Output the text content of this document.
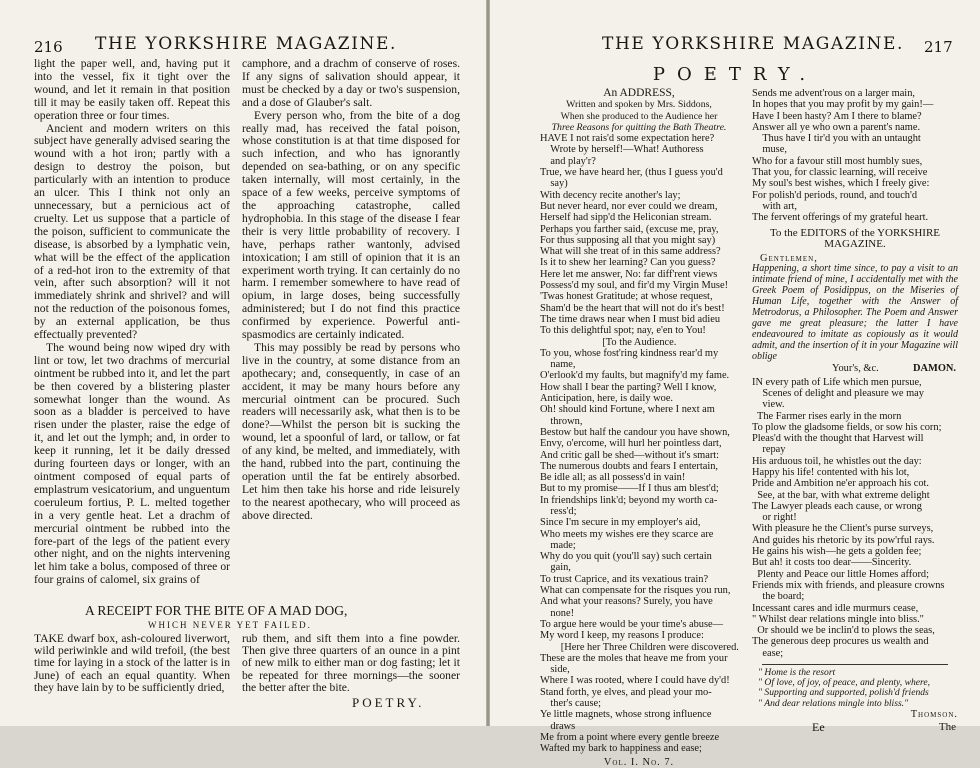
216 THE YORKSHIRE MAGAZINE.

light the paper well, and, having put it into the vessel, fix it tight over the wound, and let it remain in that position till it may be easily taken off. Repeat this operation three or four times.

Ancient and modern writers on this subject have generally advised searing the wound with a hot iron; partly with a design to destroy the poison, but particularly with an intention to produce an ulcer. This I think not only an unnecessary, but a pernicious act of cruelty. Let us suppose that a particle of the poison, sufficient to communicate the disease, is absorbed by a lymphatic vein, what will be the effect of the application of a red-hot iron to the extremity of that vein, after such absorption? will it not immediately shrink and shrivel? and will not the reduction of the poisonous fomes, by an external application, be thus effectually prevented?

The wound being now wiped dry with lint or tow, let two drachms of mercurial ointment be rubbed into it, and let the part be then covered by a blistering plaster somewhat longer than the wound. As soon as a bladder is perceived to have risen under the plaster, raise the edge of it, and let out the lymph; and, in order to keep it running, let it be daily dressed during fourteen days or longer, with an ointment composed of equal parts of emplastrum vesicatorium, and unguentum coeruleum fortius, P. L. melted together in a very gentle heat. Let a drachm of mercurial ointment be rubbed into the fore-part of the legs of the patient every other night, and on the nights intervening let him take a bolus, composed of three or four grains of calomel, six grains of

camphore, and a drachm of conserve of roses. If any signs of salivation should appear, it must be checked by a day or two's suspension, and a dose of Glauber's salt.

Every person who, from the bite of a dog really mad, has received the fatal poison, whose constitution is at that time disposed for such infection, and who has ignorantly depended on sea-bathing, or on any specific taken internally, will most certainly, in the space of a few weeks, perceive symptoms of the approaching catastrophe, called hydrophobia. In this stage of the disease I fear their is very little probability of recovery. I have, perhaps rather wantonly, advised intoxication; I am still of opinion that it is an experiment worth trying. It can certainly do no harm. I remember somewhere to have read of opium, in large doses, being successfully administered; but I do not find this practice confirmed by experience. Powerful anti-spasmodics are certainly indicated.

This may possibly be read by persons who live in the country, at some distance from an apothecary; and, consequently, in case of an accident, it may be many hours before any mercurial ointment can be procured. Such readers will necessarily ask, what then is to be done?—Whilst the person bit is sucking the wound, let a spoonful of lard, or tallow, or fat of any kind, be melted, and immediately, with the hand, rubbed into the part, continuing the operation until the fat be entirely absorbed. Let him then take his horse and ride leisurely to the nearest apothecary, who will proceed as above directed.

A RECEIPT FOR THE BITE OF A MAD DOG,
WHICH NEVER YET FAILED.

TAKE dwarf box, ash-coloured liverwort, wild periwinkle and wild trefoil, (the best time for laying in a stock of the latter is in June) of each an equal quantity. When they have lain by to be sufficiently dried,

rub them, and sift them into a fine powder. Then give three quarters of an ounce in a pint of new milk to either man or dog fasting; let it be repeated for three mornings—the sooner the better after the bite.

POETRY.
THE YORKSHIRE MAGAZINE. 217
POETRY.
An ADDRESS,
Written and spoken by Mrs. Siddons,
When she produced to the Audience her
Three Reasons for quitting the Bath Theatre.
HAVE I not rais'd some expectation here?
Wrote by herself!—What! Authoress
and play'r?
True, we have heard her, (thus I guess you'd
say)
With decency recite another's lay;
But never heard, nor ever could we dream,
Herself had sipp'd the Heliconian stream.
Perhaps you farther said, (excuse me, pray,
For thus supposing all that you might say)
What will she treat of in this same address?
Is it to shew her learning? Can you guess?
Here let me answer, No: far diff'rent views
Possess'd my soul, and fir'd my Virgin Muse!
'Twas honest Gratitude; at whose request,
Sham'd be the heart that will not do it's best!
The time draws near when I must bid adieu
To this delightful spot; nay, e'en to You!
[To the Audience.
To you, whose fost'ring kindness rear'd my
name,
O'erlook'd my faults, but magnify'd my fame.
How shall I bear the parting? Well I know,
Anticipation, here, is daily woe.
Oh! should kind Fortune, where I next am
thrown,
Bestow but half the candour you have shown,
Envy, o'ercome, will hurl her pointless dart,
And critic gall be shed—without it's smart:
The numerous doubts and fears I entertain,
Be idle all; as all possess'd in vain!
But to my promise——If I thus am blest'd;
In friendships link'd; beyond my worth ca-
ress'd;
Since I'm secure in my employer's aid,
Who meets my wishes ere they scarce are
made;
Why do you quit (you'll say) such certain
gain,
To trust Caprice, and its vexatious train?
What can compensate for the risques you run,
And what your reasons? Surely, you have
none!
To argue here would be your time's abuse—
My word I keep, my reasons I produce:
[Here her Three Children were discovered.
These are the moles that heave me from your
side,
Where I was rooted, where I could have dy'd!
Stand forth, ye elves, and plead your mo-
ther's cause;
Ye little magnets, whose strong influence
draws
Me from a point where every gentle breeze
Wafted my bark to happiness and ease;
Vol. I. No. 7.
Sends me advent'rous on a larger main,
In hopes that you may profit by my gain!—
Have I been hasty? Am I there to blame?
Answer all ye who own a parent's name.
Thus have I tir'd you with an untaught
muse,
Who for a favour still most humbly sues,
That you, for classic learning, will receive
My soul's best wishes, which I freely give:
For polish'd periods, round, and touch'd
with art,
The fervent offerings of my grateful heart.
To the EDITORS of the YORKSHIRE MAGAZINE.
Gentlemen,

Happening, a short time since, to pay a visit to an intimate friend of mine, I accidentally met with the Greek Poem of Posidippus, on the Miseries of Human Life, together with the Answer of Metrodorus, a Philosopher. The Poem and Answer gave me great pleasure; the latter I have endeavoured to imitate as copiously as it would admit, and the insertion of it in your Magazine will oblige

Your's, &c.	DAMON.
IN every path of Life which men pursue,
Scenes of delight and pleasure we may
view.
The Farmer rises early in the morn
To plow the gladsome fields, or sow his corn;
Pleas'd with the thought that Harvest will
repay
His arduous toil, he whistles out the day:
Happy his life! contented with his lot,
Pride and Ambition ne'er approach his cot.
See, at the bar, with what extreme delight
The Lawyer pleads each cause, or wrong
or right!
With pleasure he the Client's purse surveys,
And guides his rhetoric by its pow'rful rays.
He gains his wish—he gets a golden fee;
But ah! it costs too dear——Sincerity.
Plenty and Peace our little Homes afford;
Friends mix with friends, and pleasure crowns
the board;
Incessant cares and idle murmurs cease,
" Whilst dear relations mingle into bliss."
Or should we be inclin'd to plows the seas,
The generous deep procures us wealth and
ease;
" Home is the resort
" Of love, of joy, of peace, and plenty, where,
" Supporting and supported, polish'd friends
" And dear relations mingle into bliss."
Thomson.
Ee	The
